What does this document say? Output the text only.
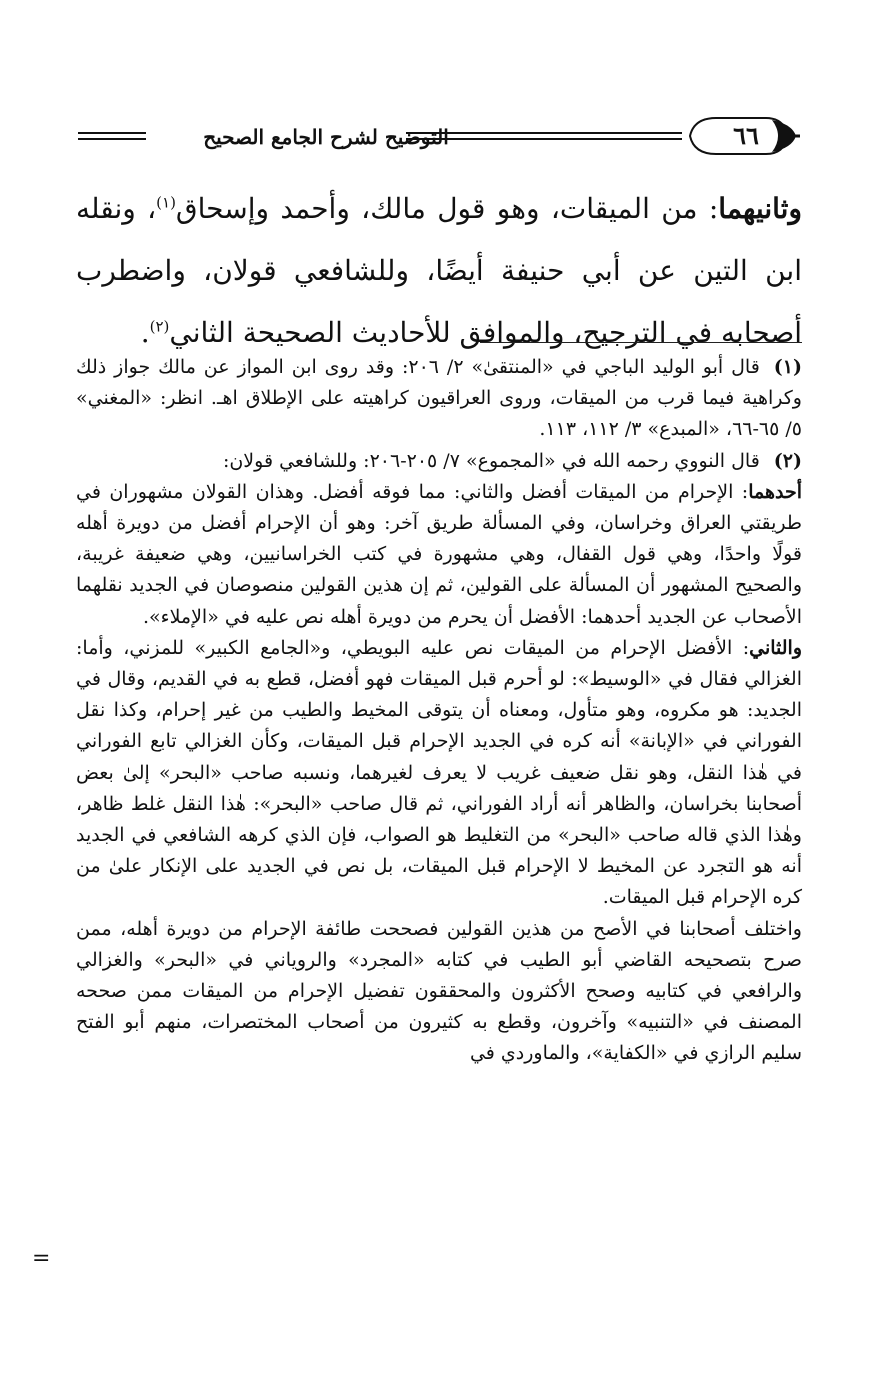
٦٦
التوضيح لشرح الجامع الصحيح

وثانيهما: من الميقات، وهو قول مالك، وأحمد وإسحاق$^{(١)}$، ونقله ابن التين عن أبي حنيفة أيضًا، وللشافعي قولان، واضطرب أصحابه في الترجيح، والموافق للأحاديث الصحيحة الثاني$^{(٢)}$.

(١)قال أبو الوليد الباجي في «المنتقىٰ» ٢/ ٢٠٦: وقد روى ابن المواز عن مالك جواز ذلك وكراهية فيما قرب من الميقات، وروى العراقيون كراهيته على الإطلاق اهـ. انظر: «المغني» ٥/ ٦٥-٦٦، «المبدع» ٣/ ١١٢، ١١٣.

(٢)قال النووي رحمه الله في «المجموع» ٧/ ٢٠٥-٢٠٦: وللشافعي قولان:

أحدهما: الإحرام من الميقات أفضل والثاني: مما فوقه أفضل. وهذان القولان مشهوران في طريقتي العراق وخراسان، وفي المسألة طريق آخر: وهو أن الإحرام أفضل من دويرة أهله قولًا واحدًا، وهي قول القفال، وهي مشهورة في كتب الخراسانيين، وهي ضعيفة غريبة، والصحيح المشهور أن المسألة على القولين، ثم إن هذين القولين منصوصان في الجديد نقلهما الأصحاب عن الجديد أحدهما: الأفضل أن يحرم من دويرة أهله نص عليه في «الإملاء».

والثاني: الأفضل الإحرام من الميقات نص عليه البويطي، و«الجامع الكبير» للمزني، وأما: الغزالي فقال في «الوسيط»: لو أحرم قبل الميقات فهو أفضل، قطع به في القديم، وقال في الجديد: هو مكروه، وهو متأول، ومعناه أن يتوقى المخيط والطيب من غير إحرام، وكذا نقل الفوراني في «الإبانة» أنه كره في الجديد الإحرام قبل الميقات، وكأن الغزالي تابع الفوراني في هٰذا النقل، وهو نقل ضعيف غريب لا يعرف لغيرهما، ونسبه صاحب «البحر» إلىٰ بعض أصحابنا بخراسان، والظاهر أنه أراد الفوراني، ثم قال صاحب «البحر»: هٰذا النقل غلط ظاهر، وهٰذا الذي قاله صاحب «البحر» من التغليط هو الصواب، فإن الذي كرهه الشافعي في الجديد أنه هو التجرد عن المخيط لا الإحرام قبل الميقات، بل نص في الجديد على الإنكار علىٰ من كره الإحرام قبل الميقات.

واختلف أصحابنا في الأصح من هذين القولين فصححت طائفة الإحرام من دويرة أهله، ممن صرح بتصحيحه القاضي أبو الطيب في كتابه «المجرد» والروياني في «البحر» والغزالي والرافعي في كتابيه وصحح الأكثرون والمحققون تفضيل الإحرام من الميقات ممن صححه المصنف في «التنبيه» وآخرون، وقطع به كثيرون من أصحاب المختصرات، منهم أبو الفتح سليم الرازي في «الكفاية»، والماوردي في

=
